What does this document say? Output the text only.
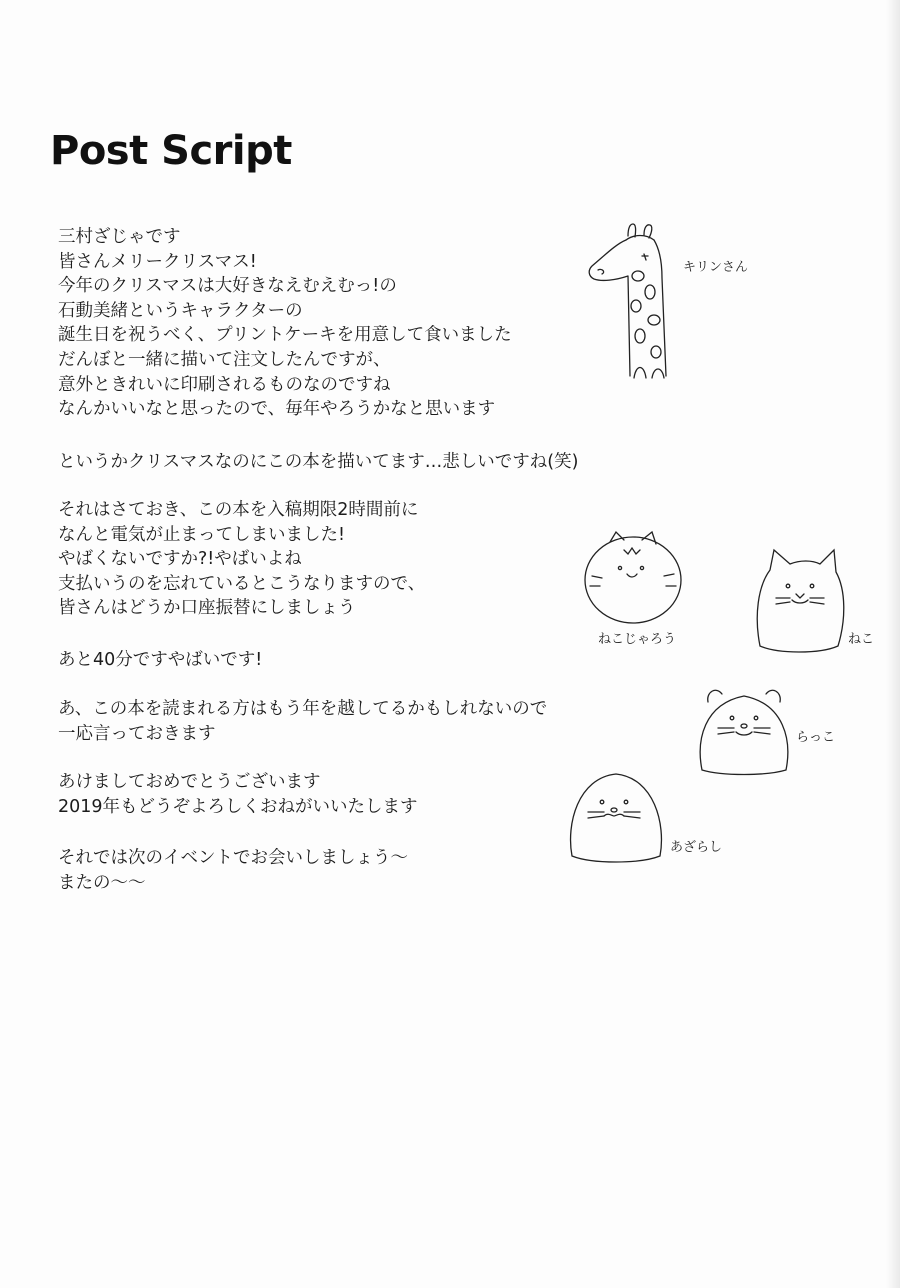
Post Script
三村ざじゃです
皆さんメリークリスマス!
今年のクリスマスは大好きなえむえむっ!の
石動美緒というキャラクターの
誕生日を祝うべく、プリントケーキを用意して食いました
だんぼと一緒に描いて注文したんですが、
意外ときれいに印刷されるものなのですね
なんかいいなと思ったので、毎年やろうかなと思います
というかクリスマスなのにこの本を描いてます…悲しいですね(笑)
それはさておき、この本を入稿期限2時間前に
なんと電気が止まってしまいました!
やばくないですか?!やばいよね
支払いうのを忘れているとこうなりますので、
皆さんはどうか口座振替にしましょう
あと40分ですやばいです!
あ、この本を読まれる方はもう年を越してるかもしれないので
一応言っておきます
あけましておめでとうございます
2019年もどうぞよろしくおねがいいたします
それでは次のイベントでお会いしましょう～
またの～～
キリンさん
ねこじゃろう	ねこ
らっこ
あざらし
